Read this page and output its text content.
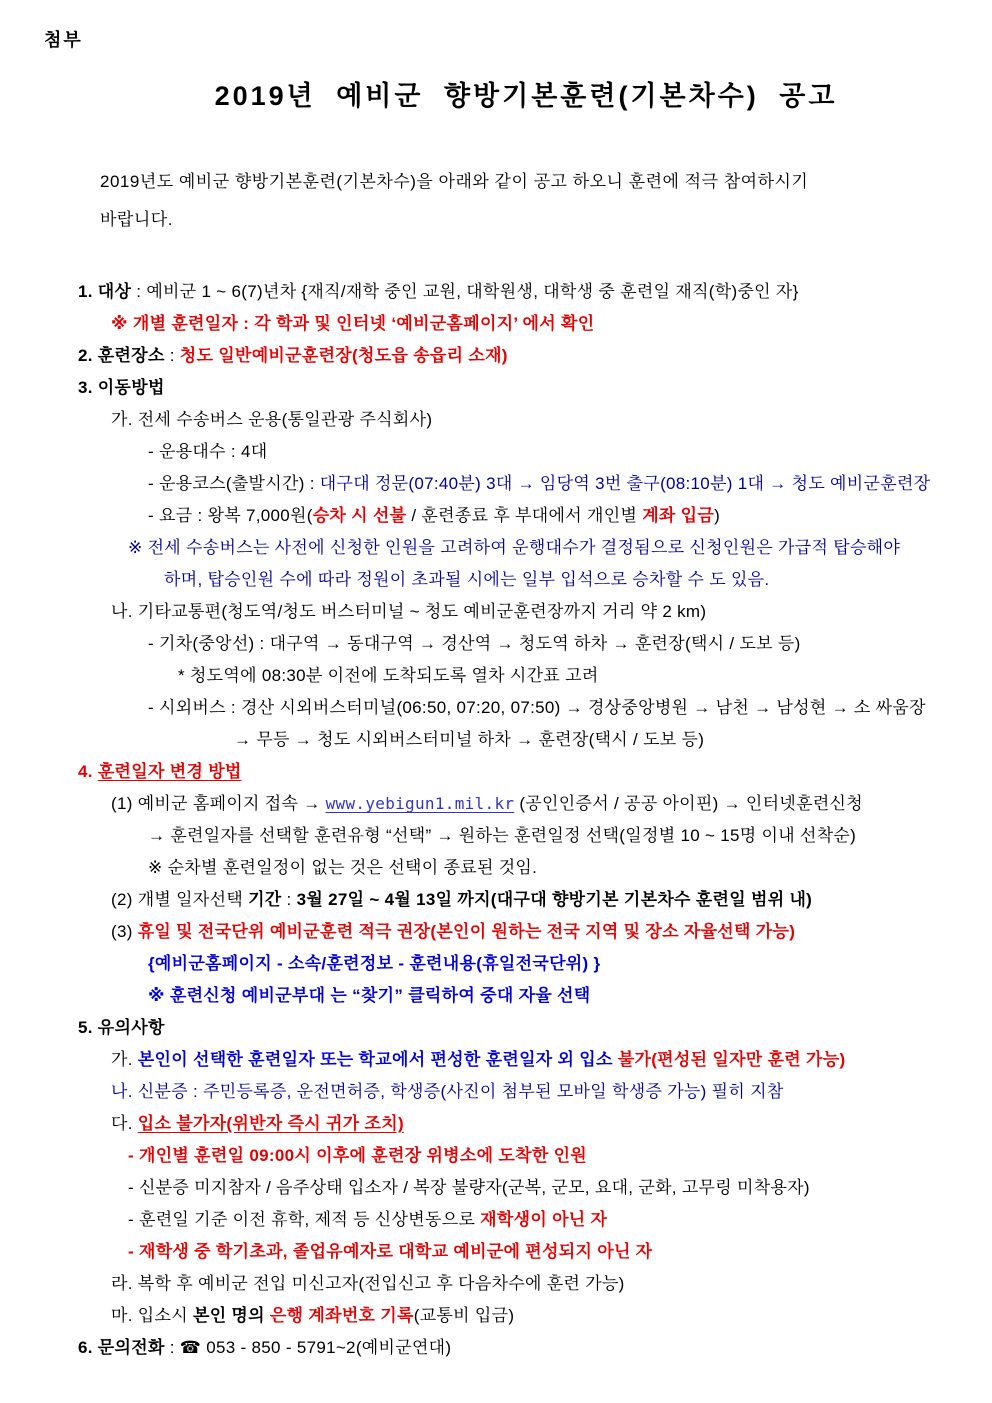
첨부
2019년 예비군 향방기본훈련(기본차수) 공고
2019년도 예비군 향방기본훈련(기본차수)을 아래와 같이 공고 하오니 훈련에 적극 참여하시기
바랍니다.
1. 대상 : 예비군 1 ~ 6(7)년차 {재직/재학 중인 교원, 대학원생, 대학생 중 훈련일 재직(학)중인 자}
※ 개별 훈련일자 : 각 학과 및 인터넷 ‘예비군홈페이지’ 에서 확인
2. 훈련장소 : 청도 일반예비군훈련장(청도읍 송읍리 소재)
3. 이동방법
가. 전세 수송버스 운용(통일관광 주식회사)
- 운용대수 : 4대
- 운용코스(출발시간) : 대구대 정문(07:40분) 3대 → 임당역 3번 출구(08:10분) 1대 → 청도 예비군훈련장
- 요금 : 왕복 7,000원(승차 시 선불 / 훈련종료 후 부대에서 개인별 계좌 입금)
※ 전세 수송버스는 사전에 신청한 인원을 고려하여 운행대수가 결정됨으로 신청인원은 가급적 탑승해야
하며, 탑승인원 수에 따라 정원이 초과될 시에는 일부 입석으로 승차할 수 도 있음.
나. 기타교통편(청도역/청도 버스터미널 ~ 청도 예비군훈련장까지 거리 약 2 km)
- 기차(중앙선) : 대구역 → 동대구역 → 경산역 → 청도역 하차 → 훈련장(택시 / 도보 등)
* 청도역에 08:30분 이전에 도착되도록 열차 시간표 고려
- 시외버스 : 경산 시외버스터미널(06:50, 07:20, 07:50) → 경상중앙병원 → 남천 → 남성현 → 소 싸움장
→ 무등 → 청도 시외버스터미널 하차 → 훈련장(택시 / 도보 등)
4. 훈련일자 변경 방법
(1) 예비군 홈페이지 접속 → www.yebigun1.mil.kr (공인인증서 / 공공 아이핀) → 인터넷훈련신청
→ 훈련일자를 선택할 훈련유형 “선택” → 원하는 훈련일정 선택(일정별 10 ~ 15명 이내 선착순)
※ 순차별 훈련일정이 없는 것은 선택이 종료된 것임.
(2) 개별 일자선택 기간 : 3월 27일 ~ 4월 13일 까지(대구대 향방기본 기본차수 훈련일 범위 내)
(3) 휴일 및 전국단위 예비군훈련 적극 권장(본인이 원하는 전국 지역 및 장소 자율선택 가능)
{예비군홈페이지 - 소속/훈련정보 - 훈련내용(휴일전국단위) }
※ 훈련신청 예비군부대 는 “찾기” 클릭하여 중대 자율 선택
5. 유의사항
가. 본인이 선택한 훈련일자 또는 학교에서 편성한 훈련일자 외 입소 불가(편성된 일자만 훈련 가능)
나. 신분증 : 주민등록증, 운전면허증, 학생증(사진이 첨부된 모바일 학생증 가능) 필히 지참
다. 입소 불가자(위반자 즉시 귀가 조치)
- 개인별 훈련일 09:00시 이후에 훈련장 위병소에 도착한 인원
- 신분증 미지참자 / 음주상태 입소자 / 복장 불량자(군복, 군모, 요대, 군화, 고무링 미착용자)
- 훈련일 기준 이전 휴학, 제적 등 신상변동으로 재학생이 아닌 자
- 재학생 중 학기초과, 졸업유예자로 대학교 예비군에 편성되지 아닌 자
라. 복학 후 예비군 전입 미신고자(전입신고 후 다음차수에 훈련 가능)
마. 입소시 본인 명의 은행 계좌번호 기록(교통비 입금)
6. 문의전화 : ☎ 053 - 850 - 5791~2(예비군연대)
